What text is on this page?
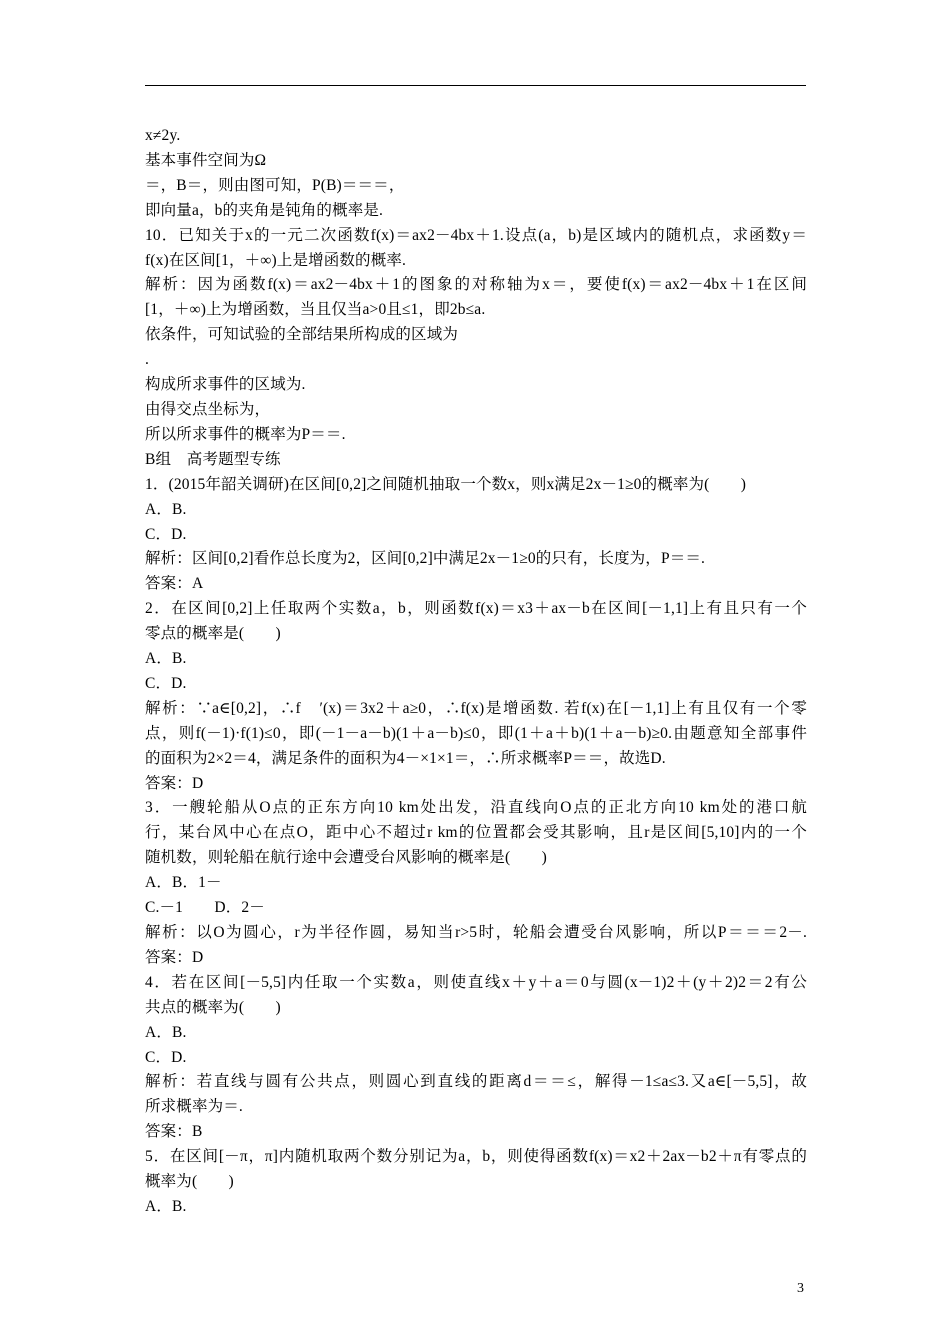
x≠2y.
基本事件空间为Ω
＝，B＝，则由图可知，P(B)＝＝＝，
即向量a，b的夹角是钝角的概率是.
10．已知关于x的一元二次函数f(x)＝ax2－4bx＋1.设点(a，b)是区域内的随机点，求函数y＝
f(x)在区间[1，＋∞)上是增函数的概率.
解析：因为函数f(x)＝ax2－4bx＋1的图象的对称轴为x＝，要使f(x)＝ax2－4bx＋1在区间
[1，＋∞)上为增函数，当且仅当a>0且≤1，即2b≤a.
依条件，可知试验的全部结果所构成的区域为
.
构成所求事件的区域为.
由得交点坐标为，
所以所求事件的概率为P＝＝.
B组　高考题型专练
1．(2015年韶关调研)在区间[0,2]之间随机抽取一个数x，则x满足2x－1≥0的概率为(　　)
A．B.
C．D.
解析：区间[0,2]看作总长度为2，区间[0,2]中满足2x－1≥0的只有，长度为，P＝＝.
答案：A
2．在区间[0,2]上任取两个实数a，b，则函数f(x)＝x3＋ax－b在区间[－1,1]上有且只有一个
零点的概率是(　　)
A．B.
C．D.
解析：∵a∈[0,2]，∴f　′(x)＝3x2＋a≥0，∴f(x)是增函数. 若f(x)在[－1,1]上有且仅有一个零
点，则f(－1)·f(1)≤0，即(－1－a－b)(1＋a－b)≤0，即(1＋a＋b)(1＋a－b)≥0.由题意知全部事件
的面积为2×2＝4，满足条件的面积为4－×1×1＝，∴所求概率P＝＝，故选D.
答案：D
3．一艘轮船从O点的正东方向10 km处出发，沿直线向O点的正北方向10 km处的港口航
行，某台风中心在点O，距中心不超过r km的位置都会受其影响，且r是区间[5,10]内的一个
随机数，则轮船在航行途中会遭受台风影响的概率是(　　)
A．B．1－
C.－1　　D．2－
解析：以O为圆心，r为半径作圆，易知当r>5时，轮船会遭受台风影响，所以P＝＝＝2－.
答案：D
4．若在区间[－5,5]内任取一个实数a，则使直线x＋y＋a＝0与圆(x－1)2＋(y＋2)2＝2有公
共点的概率为(　　)
A．B.
C．D.
解析：若直线与圆有公共点，则圆心到直线的距离d＝＝≤，解得－1≤a≤3.又a∈[－5,5]，故
所求概率为＝.
答案：B
5．在区间[－π，π]内随机取两个数分别记为a，b，则使得函数f(x)＝x2＋2ax－b2＋π有零点的
概率为(　　)
A．B.
3
